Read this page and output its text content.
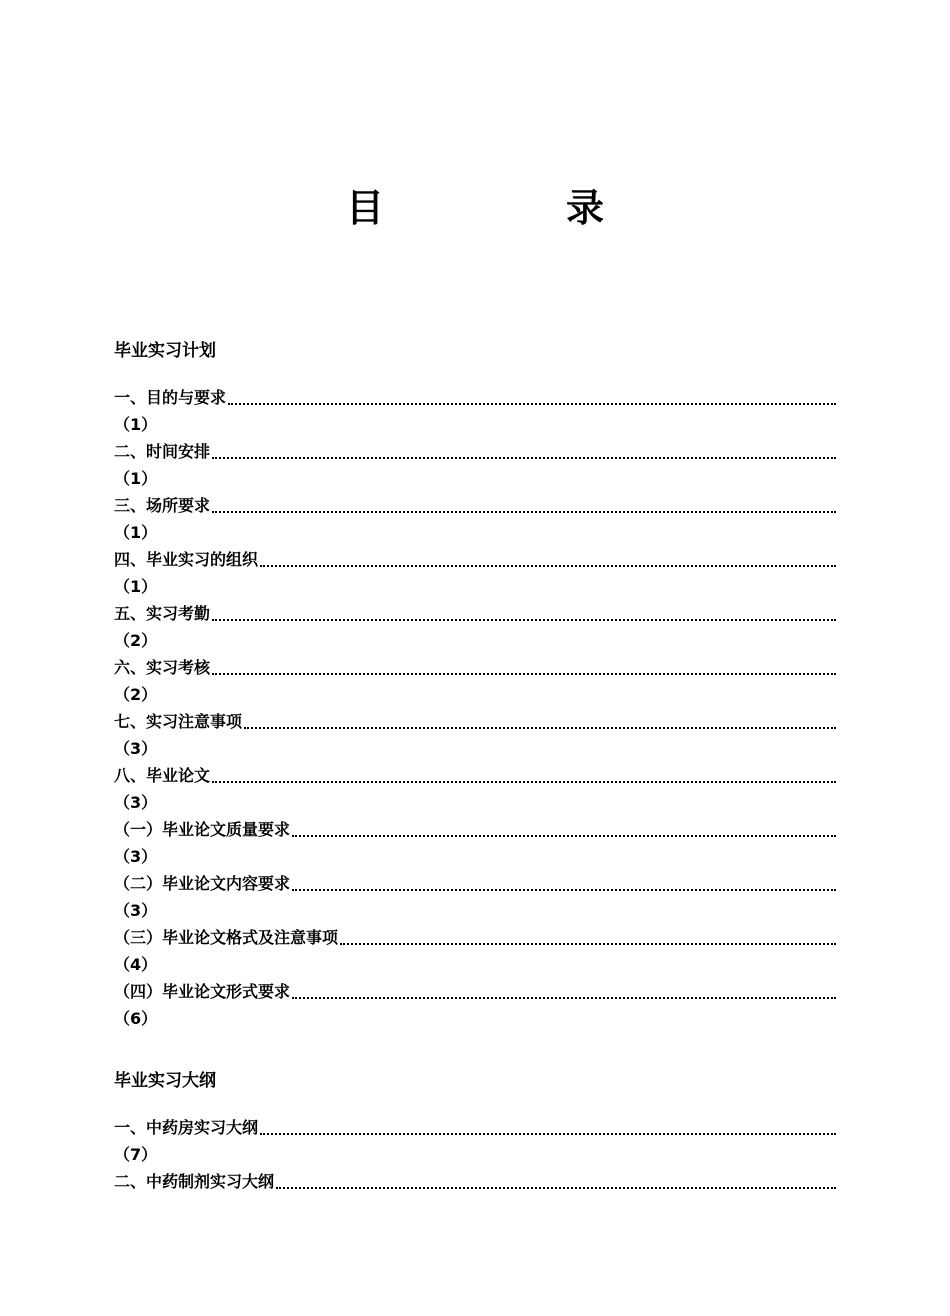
目　录
毕业实习计划
一、目的与要求
（1）
二、时间安排
（1）
三、场所要求
（1）
四、毕业实习的组织
（1）
五、实习考勤
（2）
六、实习考核
（2）
七、实习注意事项
（3）
八、毕业论文
（3）
（一）毕业论文质量要求
（3）
（二）毕业论文内容要求
（3）
（三）毕业论文格式及注意事项
（4）
（四）毕业论文形式要求
（6）
毕业实习大纲
一、中药房实习大纲
（7）
二、中药制剂实习大纲
